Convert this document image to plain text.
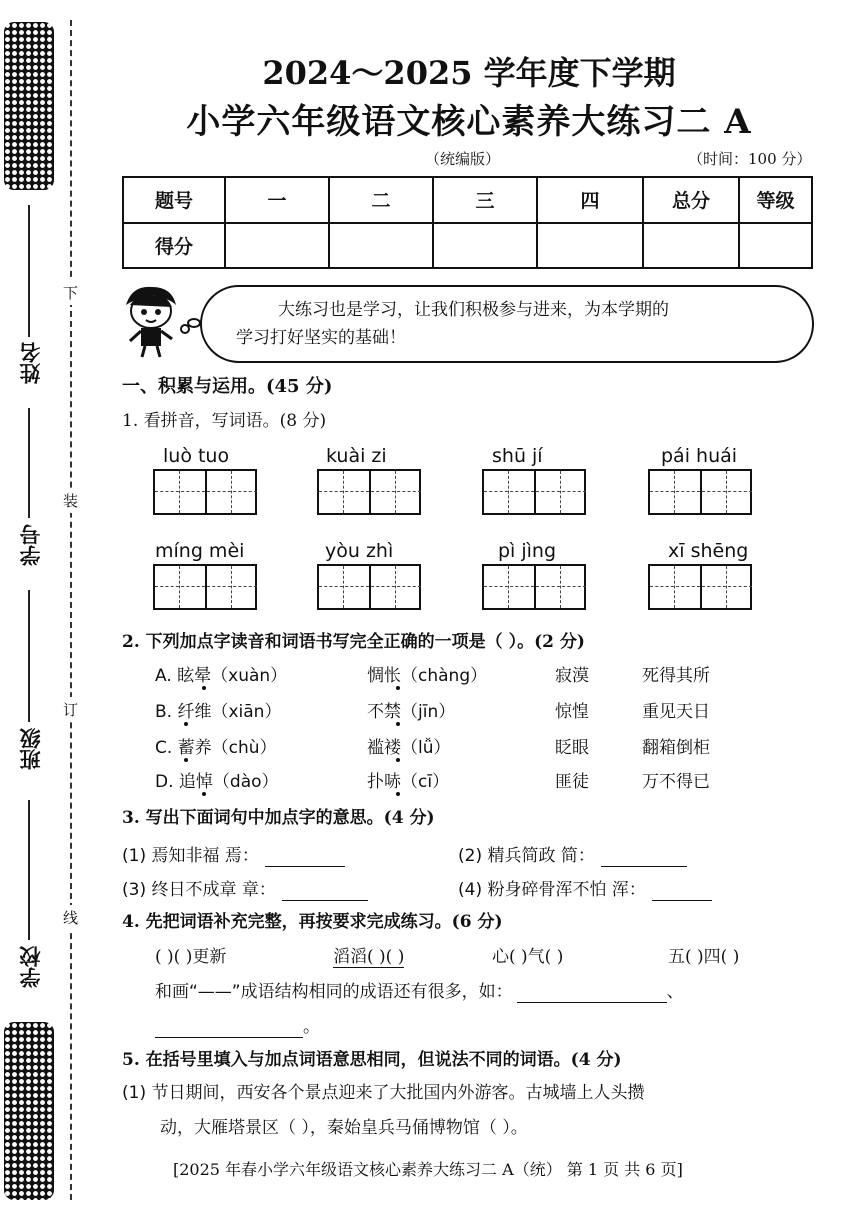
姓名
学号
班级
学校
下
装
订
线
2024～2025 学年度下学期
小学六年级语文核心素养大练习二 A
（统编版）	（时间：100 分）
题号	一	二	三	四	总分	等级
得分						
大练习也是学习，让我们积极参与进来，为本学期的
学习打好坚实的基础！
一、积累与运用。(45 分)
1. 看拼音，写词语。(8 分)
luò tuo	kuài zi	shū jí	pái huái
míng mèi	yòu zhì	pì jìng	xī shēng
2. 下列加点字读音和词语书写完全正确的一项是（ ）。(2 分)
A. 眩晕（xuàn）	惆怅（chàng）	寂漠	死得其所
B. 纤维（xiān）	不禁（jīn）	惊惶	重见天日
C. 蓄养（chù）	褴褛（lǚ）	眨眼	翻箱倒柜
D. 追悼（dào）	扑哧（cī）	匪徒	万不得已
3. 写出下面词句中加点字的意思。(4 分)
(1) 焉知非福 焉：	(2) 精兵简政 简：
(3) 终日不成章 章：	(4) 粉身碎骨浑不怕 浑：
4. 先把词语补充完整，再按要求完成练习。(6 分)
( )( )更新	滔滔( )( )	心( )气( )	五( )四( )
和画“——”成语结构相同的成语还有很多，如：	、
。
5. 在括号里填入与加点词语意思相同，但说法不同的词语。(4 分)
(1) 节日期间，西安各个景点迎来了大批国内外游客。古城墙上人头攒
动，大雁塔景区（ ），秦始皇兵马俑博物馆（ ）。
[2025 年春小学六年级语文核心素养大练习二 A（统） 第 1 页 共 6 页]
